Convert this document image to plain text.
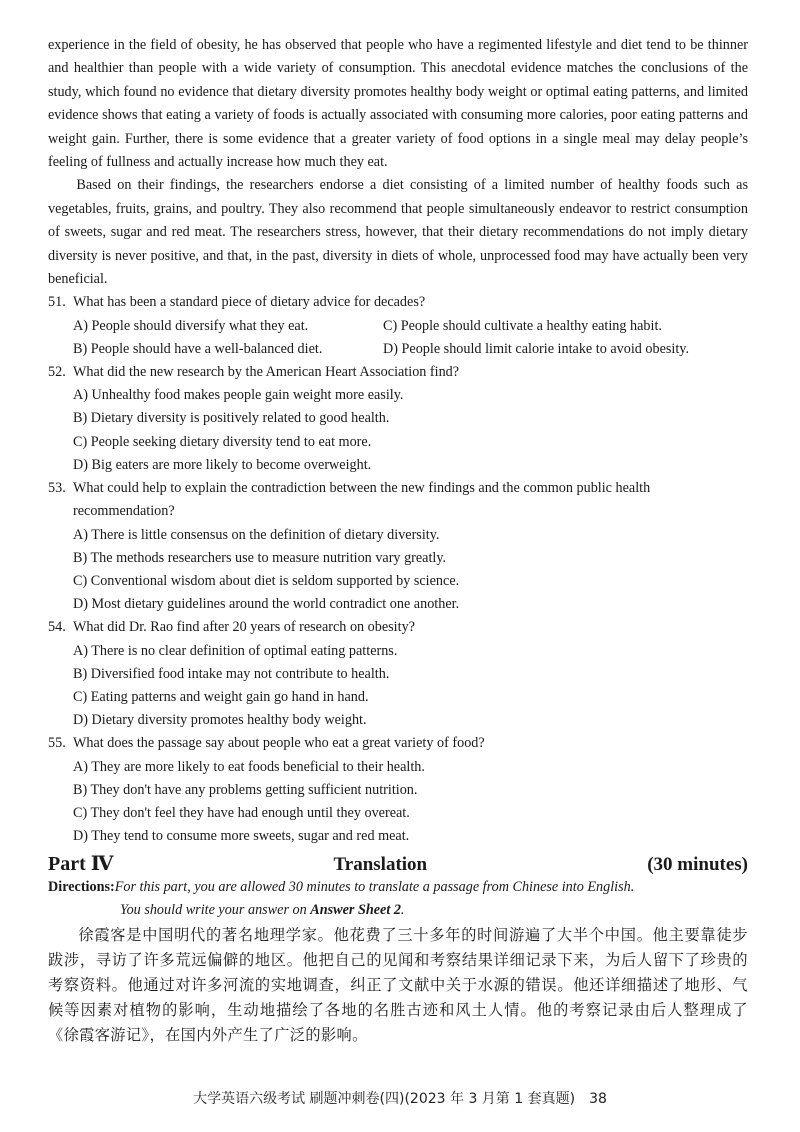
experience in the field of obesity, he has observed that people who have a regimented lifestyle and diet tend to be thinner and healthier than people with a wide variety of consumption. This anecdotal evidence matches the conclusions of the study, which found no evidence that dietary diversity promotes healthy body weight or optimal eating patterns, and limited evidence shows that eating a variety of foods is actually associated with consuming more calories, poor eating patterns and weight gain. Further, there is some evidence that a greater variety of food options in a single meal may delay people’s feeling of fullness and actually increase how much they eat.

Based on their findings, the researchers endorse a diet consisting of a limited number of healthy foods such as vegetables, fruits, grains, and poultry. They also recommend that people simultaneously endeavor to restrict consumption of sweets, sugar and red meat. The researchers stress, however, that their dietary recommendations do not imply dietary diversity is never positive, and that, in the past, diversity in diets of whole, unprocessed food may have actually been very beneficial.

51. What has been a standard piece of dietary advice for decades?
A) People should diversify what they eat.	C) People should cultivate a healthy eating habit.
B) People should have a well-balanced diet.	D) People should limit calorie intake to avoid obesity.
52. What did the new research by the American Heart Association find?
A) Unhealthy food makes people gain weight more easily.
B) Dietary diversity is positively related to good health.
C) People seeking dietary diversity tend to eat more.
D) Big eaters are more likely to become overweight.
53. What could help to explain the contradiction between the new findings and the common public health recommendation?
A) There is little consensus on the definition of dietary diversity.
B) The methods researchers use to measure nutrition vary greatly.
C) Conventional wisdom about diet is seldom supported by science.
D) Most dietary guidelines around the world contradict one another.
54. What did Dr. Rao find after 20 years of research on obesity?
A) There is no clear definition of optimal eating patterns.
B) Diversified food intake may not contribute to health.
C) Eating patterns and weight gain go hand in hand.
D) Dietary diversity promotes healthy body weight.
55. What does the passage say about people who eat a great variety of food?
A) They are more likely to eat foods beneficial to their health.
B) They don't have any problems getting sufficient nutrition.
C) They don't feel they have had enough until they overeat.
D) They tend to consume more sweets, sugar and red meat.
Part Ⅳ	Translation	(30 minutes)
Directions:For this part, you are allowed 30 minutes to translate a passage from Chinese into English.
You should write your answer on Answer Sheet 2.

徐霞客是中国明代的著名地理学家。他花费了三十多年的时间游遍了大半个中国。他主要靠徒步跋涉，寻访了许多荒远偏僻的地区。他把自己的见闻和考察结果详细记录下来，为后人留下了珍贵的考察资料。他通过对许多河流的实地调查，纠正了文献中关于水源的错误。他还详细描述了地形、气候等因素对植物的影响，生动地描绘了各地的名胜古迹和风土人情。他的考察记录由后人整理成了《徐霞客游记》，在国内外产生了广泛的影响。

大学英语六级考试 刷题冲刺卷(四)(2023 年 3 月第 1 套真题) 38
